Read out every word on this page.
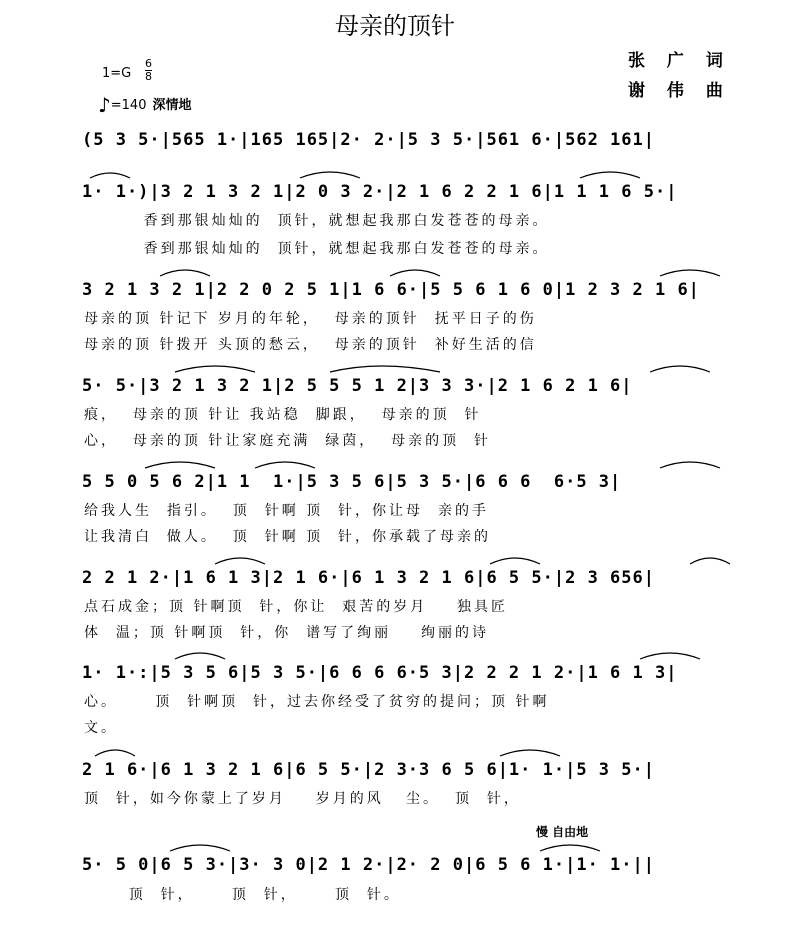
母亲的顶针
张 广 词
谢 伟 曲
$1=G \frac{6}{8}$
♪=140 深情地
(5 3 5·|565 1·|165 165|2· 2·|5 3 5·|561 6·|562 161|
1· 1·)|3 2 1 3 2 1|2 0 3 2·|2 1 6 2 2 1 6|1 1 1 6 5·|
香到那银灿灿的  顶针，就想起我那白发苍苍的母亲。
香到那银灿灿的  顶针，就想起我那白发苍苍的母亲。
3 2 1 3 2 1|2 2 0 2 5 1|1 6 6·|5 5 6 1 6 0|1 2 3 2 1 6|
母亲的顶 针记下 岁月的年轮，  母亲的顶针  抚平日子的伤
母亲的顶 针拨开 头顶的愁云，  母亲的顶针  补好生活的信
5· 5·|3 2 1 3 2 1|2 5 5 5 1 2|3 3 3·|2 1 6 2 1 6|
痕，  母亲的顶 针让 我站稳  脚跟，  母亲的顶  针
心，  母亲的顶 针让家庭充满  绿茵，  母亲的顶  针
5 5 0 5 6 2|1 1  1·|5 3 5 6|5 3 5·|6 6 6  6·5 3|
给我人生  指引。  顶  针啊 顶  针，你让母  亲的手
让我清白  做人。  顶  针啊 顶  针，你承载了母亲的
2 2 1 2·|1 6 1 3|2 1 6·|6 1 3 2 1 6|6 5 5·|2 3 656|
点石成金；顶 针啊顶  针，你让  艰苦的岁月    独具匠
体  温；顶 针啊顶  针，你  谱写了绚丽    绚丽的诗
1· 1·:|5 3 5 6|5 3 5·|6 6 6 6·5 3|2 2 2 1 2·|1 6 1 3|
心。     顶  针啊顶  针，过去你经受了贫穷的提问；顶 针啊
文。
2 1 6·|6 1 3 2 1 6|6 5 5·|2 3·3 6 5 6|1· 1·|5 3 5·|
顶  针，如今你蒙上了岁月    岁月的风   尘。  顶  针，
慢 自由地
5· 5 0|6 5 3·|3· 3 0|2 1 2·|2· 2 0|6 5 6 1·|1· 1·||
顶  针，     顶  针，     顶  针。
